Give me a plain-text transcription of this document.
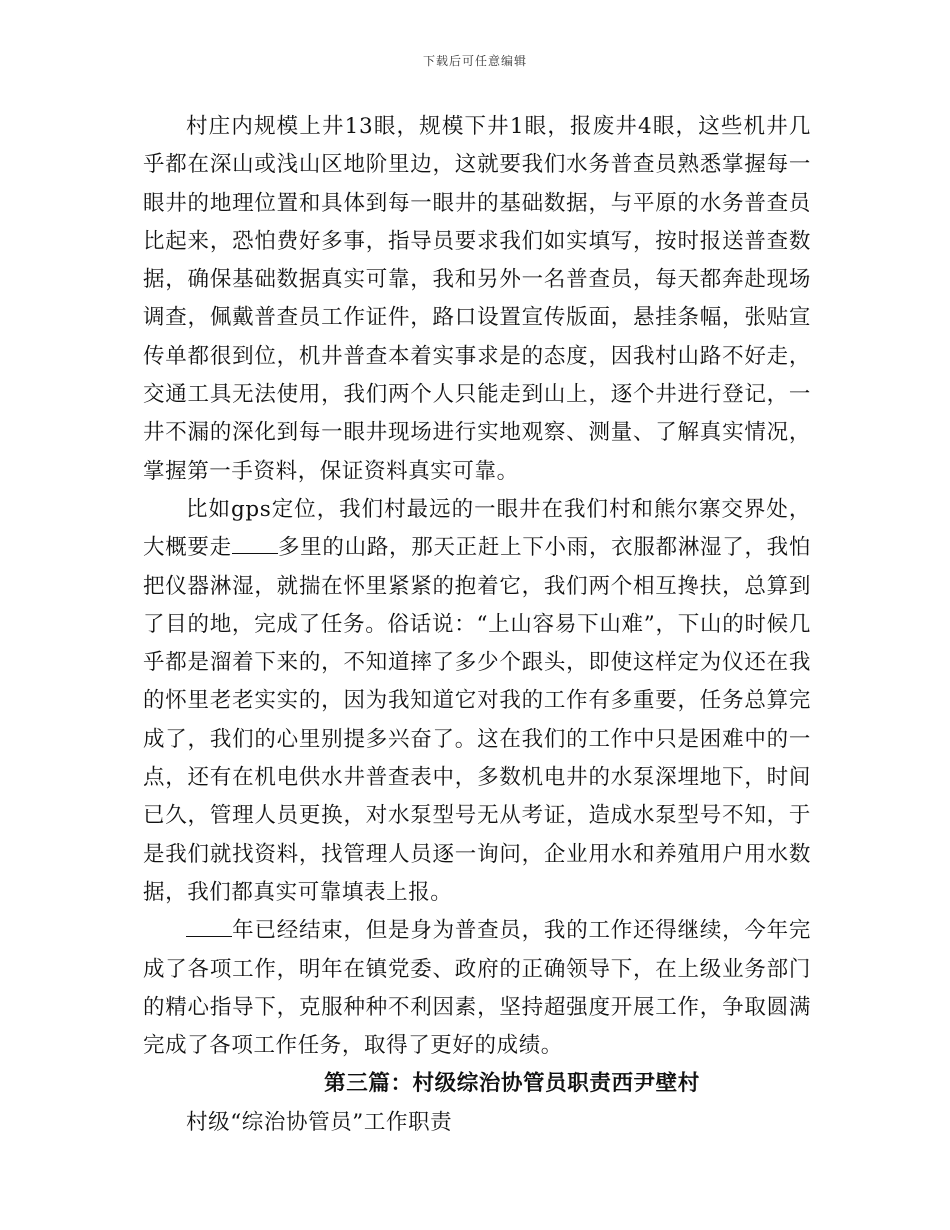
下载后可任意编辑

村庄内规模上井13眼，规模下井1眼，报废井4眼，这些机井几乎都在深山或浅山区地阶里边，这就要我们水务普查员熟悉掌握每一眼井的地理位置和具体到每一眼井的基础数据，与平原的水务普查员比起来，恐怕费好多事，指导员要求我们如实填写，按时报送普查数据，确保基础数据真实可靠，我和另外一名普查员，每天都奔赴现场调查，佩戴普查员工作证件，路口设置宣传版面，悬挂条幅，张贴宣传单都很到位，机井普查本着实事求是的态度，因我村山路不好走，交通工具无法使用，我们两个人只能走到山上，逐个井进行登记，一井不漏的深化到每一眼井现场进行实地观察、测量、了解真实情况，掌握第一手资料，保证资料真实可靠。

比如gps定位，我们村最远的一眼井在我们村和熊尔寨交界处，大概要走 多里的山路，那天正赶上下小雨，衣服都淋湿了，我怕把仪器淋湿，就揣在怀里紧紧的抱着它，我们两个相互搀扶，总算到了目的地，完成了任务。俗话说：“上山容易下山难”，下山的时候几乎都是溜着下来的，不知道摔了多少个跟头，即使这样定为仪还在我的怀里老老实实的，因为我知道它对我的工作有多重要，任务总算完成了，我们的心里别提多兴奋了。这在我们的工作中只是困难中的一点，还有在机电供水井普查表中，多数机电井的水泵深埋地下，时间已久，管理人员更换，对水泵型号无从考证，造成水泵型号不知，于是我们就找资料，找管理人员逐一询问，企业用水和养殖用户用水数据，我们都真实可靠填表上报。

年已经结束，但是身为普查员，我的工作还得继续，今年完成了各项工作，明年在镇党委、政府的正确领导下，在上级业务部门的精心指导下，克服种种不利因素，坚持超强度开展工作，争取圆满完成了各项工作任务，取得了更好的成绩。

第三篇：村级综治协管员职责西尹壁村

村级“综治协管员”工作职责
